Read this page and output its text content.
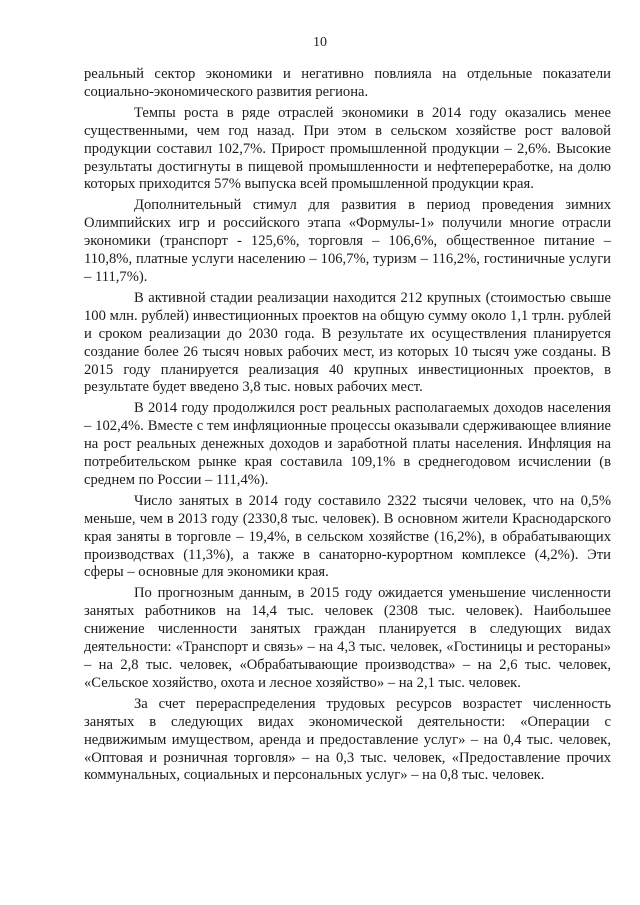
10

реальный сектор экономики и негативно повлияла на отдельные показатели социально-экономического развития региона.

Темпы роста в ряде отраслей экономики в 2014 году оказались менее существенными, чем год назад. При этом в сельском хозяйстве рост валовой продукции составил 102,7%. Прирост промышленной продукции – 2,6%. Высокие результаты достигнуты в пищевой промышленности и нефтепереработке, на долю которых приходится 57% выпуска всей промышленной продукции края.

Дополнительный стимул для развития в период проведения зимних Олимпийских игр и российского этапа «Формулы-1» получили многие отрасли экономики (транспорт - 125,6%, торговля – 106,6%, общественное питание – 110,8%, платные услуги населению – 106,7%, туризм – 116,2%, гостиничные услуги – 111,7%).

В активной стадии реализации находится 212 крупных (стоимостью свыше 100 млн. рублей) инвестиционных проектов на общую сумму около 1,1 трлн. рублей и сроком реализации до 2030 года. В результате их осуществления планируется создание более 26 тысяч новых рабочих мест, из которых 10 тысяч уже созданы. В 2015 году планируется реализация 40 крупных инвестиционных проектов, в результате будет введено 3,8 тыс. новых рабочих мест.

В 2014 году продолжился рост реальных располагаемых доходов населения – 102,4%. Вместе с тем инфляционные процессы оказывали сдерживающее влияние на рост реальных денежных доходов и заработной платы населения. Инфляция на потребительском рынке края составила 109,1% в среднегодовом исчислении (в среднем по России – 111,4%).

Число занятых в 2014 году составило 2322 тысячи человек, что на 0,5% меньше, чем в 2013 году (2330,8 тыс. человек). В основном жители Краснодарского края заняты в торговле – 19,4%, в сельском хозяйстве (16,2%), в обрабатывающих производствах (11,3%), а также в санаторно-курортном комплексе (4,2%). Эти сферы – основные для экономики края.

По прогнозным данным, в 2015 году ожидается уменьшение численности занятых работников на 14,4 тыс. человек (2308 тыс. человек). Наибольшее снижение численности занятых граждан планируется в следующих видах деятельности: «Транспорт и связь» – на 4,3 тыс. человек, «Гостиницы и рестораны» – на 2,8 тыс. человек, «Обрабатывающие производства» – на 2,6 тыс. человек, «Сельское хозяйство, охота и лесное хозяйство» – на 2,1 тыс. человек.

За счет перераспределения трудовых ресурсов возрастет численность занятых в следующих видах экономической деятельности: «Операции с недвижимым имуществом, аренда и предоставление услуг» – на 0,4 тыс. человек, «Оптовая и розничная торговля» – на 0,3 тыс. человек, «Предоставление прочих коммунальных, социальных и персональных услуг» – на 0,8 тыс. человек.
